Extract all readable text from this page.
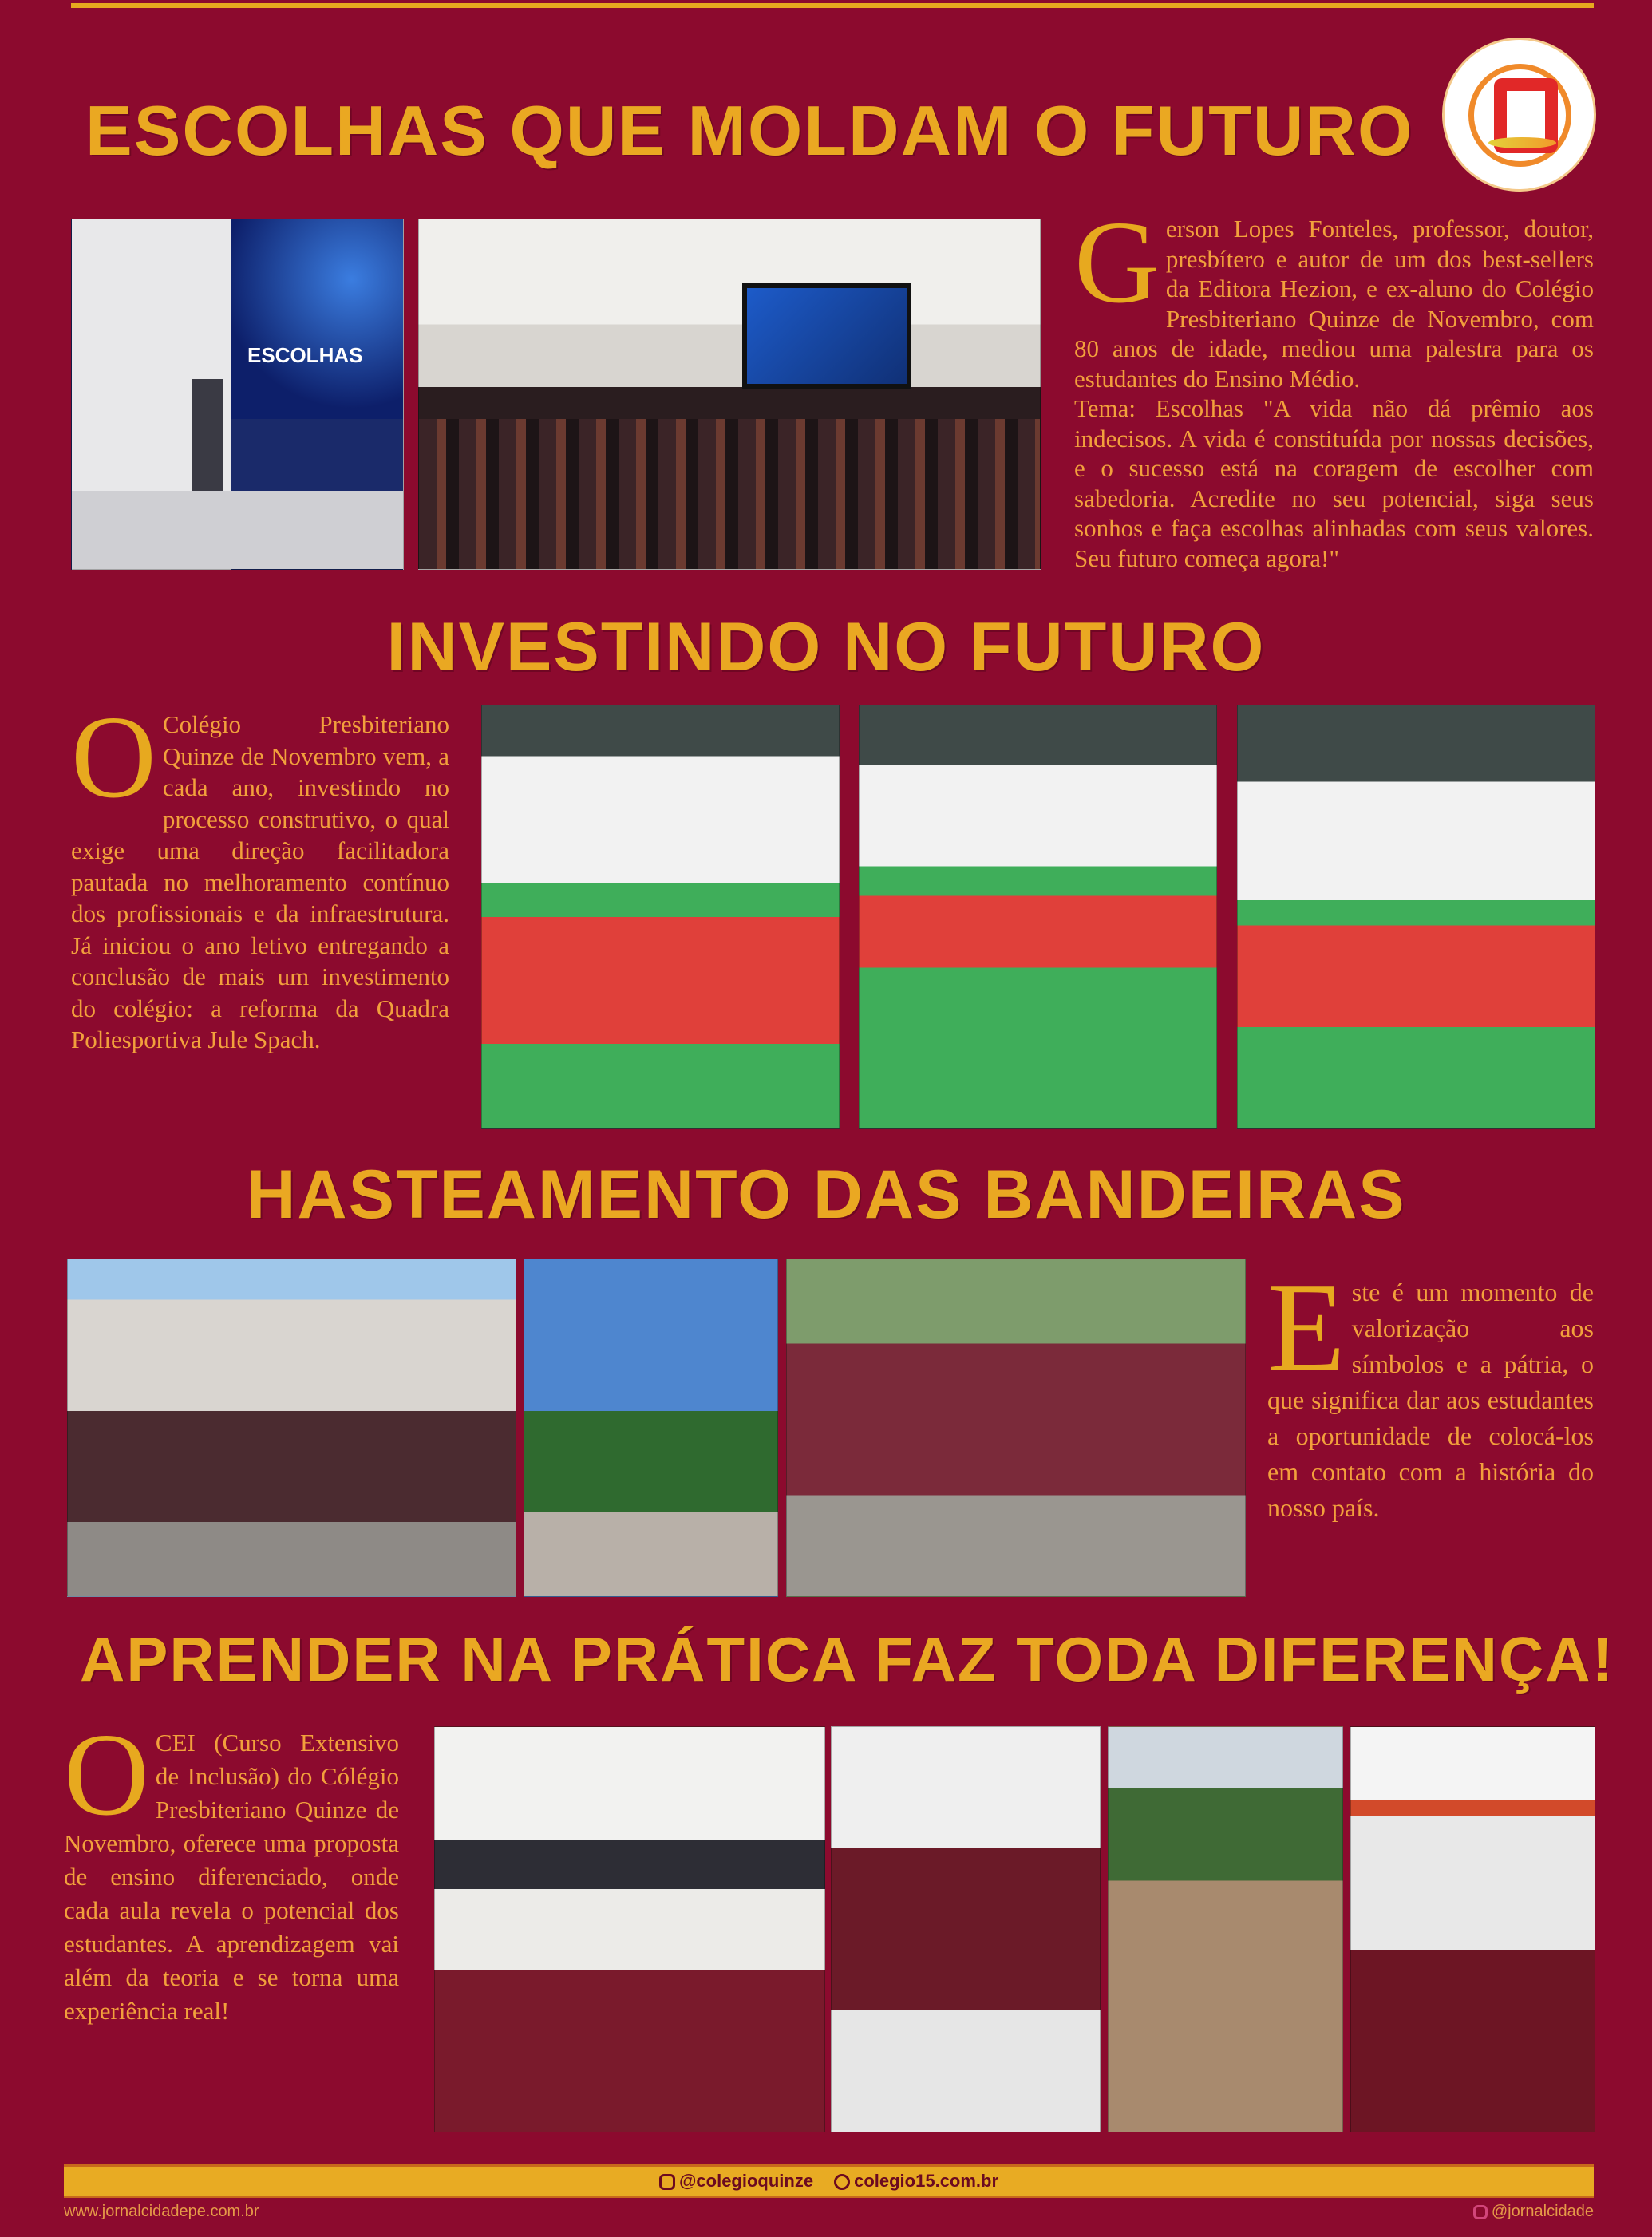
ESCOLHAS QUE MOLDAM O FUTURO
ESCOLHAS

Gerson Lopes Fonteles, professor, doutor, presbítero e autor de um dos best-sellers da Editora Hezion, e ex-aluno do Colégio Presbiteriano Quinze de Novembro, com 80 anos de idade, mediou uma palestra para os estudantes do Ensino Médio.

Tema: Escolhas "A vida não dá prêmio aos indecisos. A vida é constituída por nossas decisões, e o sucesso está na coragem de escolher com sabedoria. Acredite no seu potencial, siga seus sonhos e faça escolhas alinhadas com seus valores. Seu futuro começa agora!"

INVESTINDO NO FUTURO

O Colégio Presbiteriano Quinze de Novembro vem, a cada ano, investindo no processo construtivo, o qual exige uma direção facilitadora pautada no melhoramento contínuo dos profissionais e da infraestrutura. Já iniciou o ano letivo entregando a conclusão de mais um investimento do colégio: a reforma da Quadra Poliesportiva Jule Spach.

HASTEAMENTO DAS BANDEIRAS

Este é um momento de valorização aos símbolos e a pátria, o que significa dar aos estudantes a oportunidade de colocá-los em contato com a história do nosso país.

APRENDER NA PRÁTICA FAZ TODA DIFERENÇA!

OCEI (Curso Extensivo de Inclusão) do Cólégio Presbiteriano Quinze de Novembro, oferece uma proposta de ensino diferenciado, onde cada aula revela o potencial dos estudantes. A aprendizagem vai além da teoria e se torna uma experiência real!

@colegioquinze	colegio15.com.br
www.jornalcidadepe.com.br	@jornalcidade
